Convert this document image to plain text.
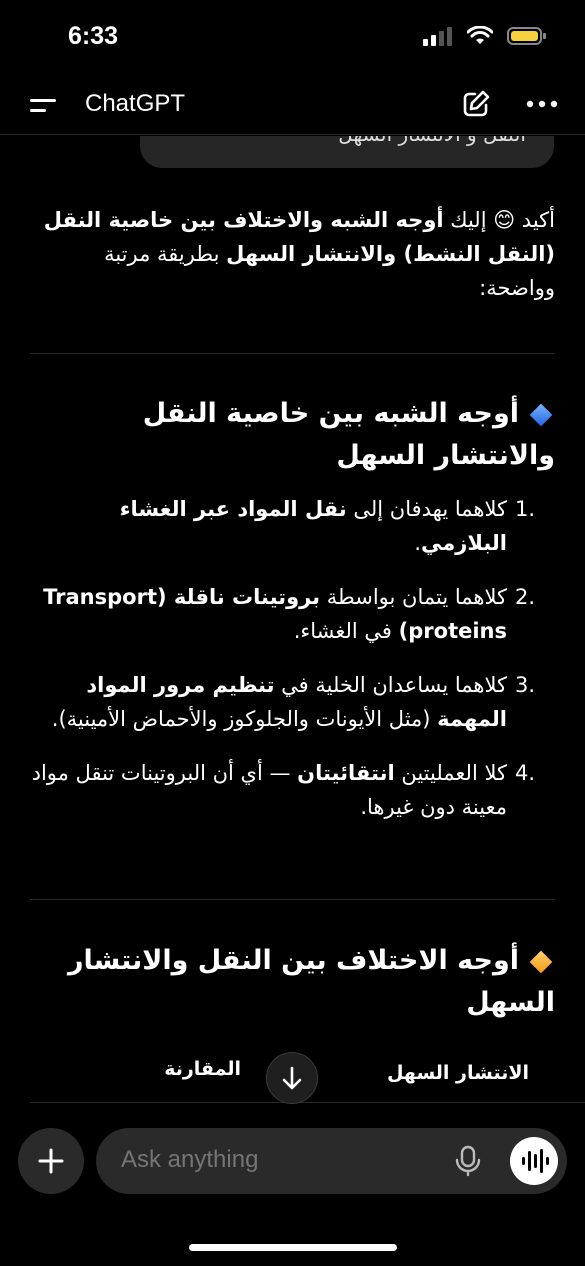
6:33
ChatGPT
أكيد 😊 إليك أوجه الشبه والاختلاف بين خاصية النقل (النقل النشط) والانتشار السهل بطريقة مرتبة وواضحة:
أوجه الشبه بين خاصية النقل والانتشار السهل
1.
كلاهما يهدفان إلى نقل المواد عبر الغشاء البلازمي.
2.
كلاهما يتمان بواسطة بروتينات ناقلة (Transport proteins) في الغشاء.
3.
كلاهما يساعدان الخلية في تنظيم مرور المواد المهمة (مثل الأيونات والجلوكوز والأحماض الأمينية).
4.
كلا العمليتين انتقائيتان — أي أن البروتينات تنقل مواد معينة دون غيرها.
أوجه الاختلاف بين النقل والانتشار السهل
الانتشار السهل
المقارنة
Ask anything
